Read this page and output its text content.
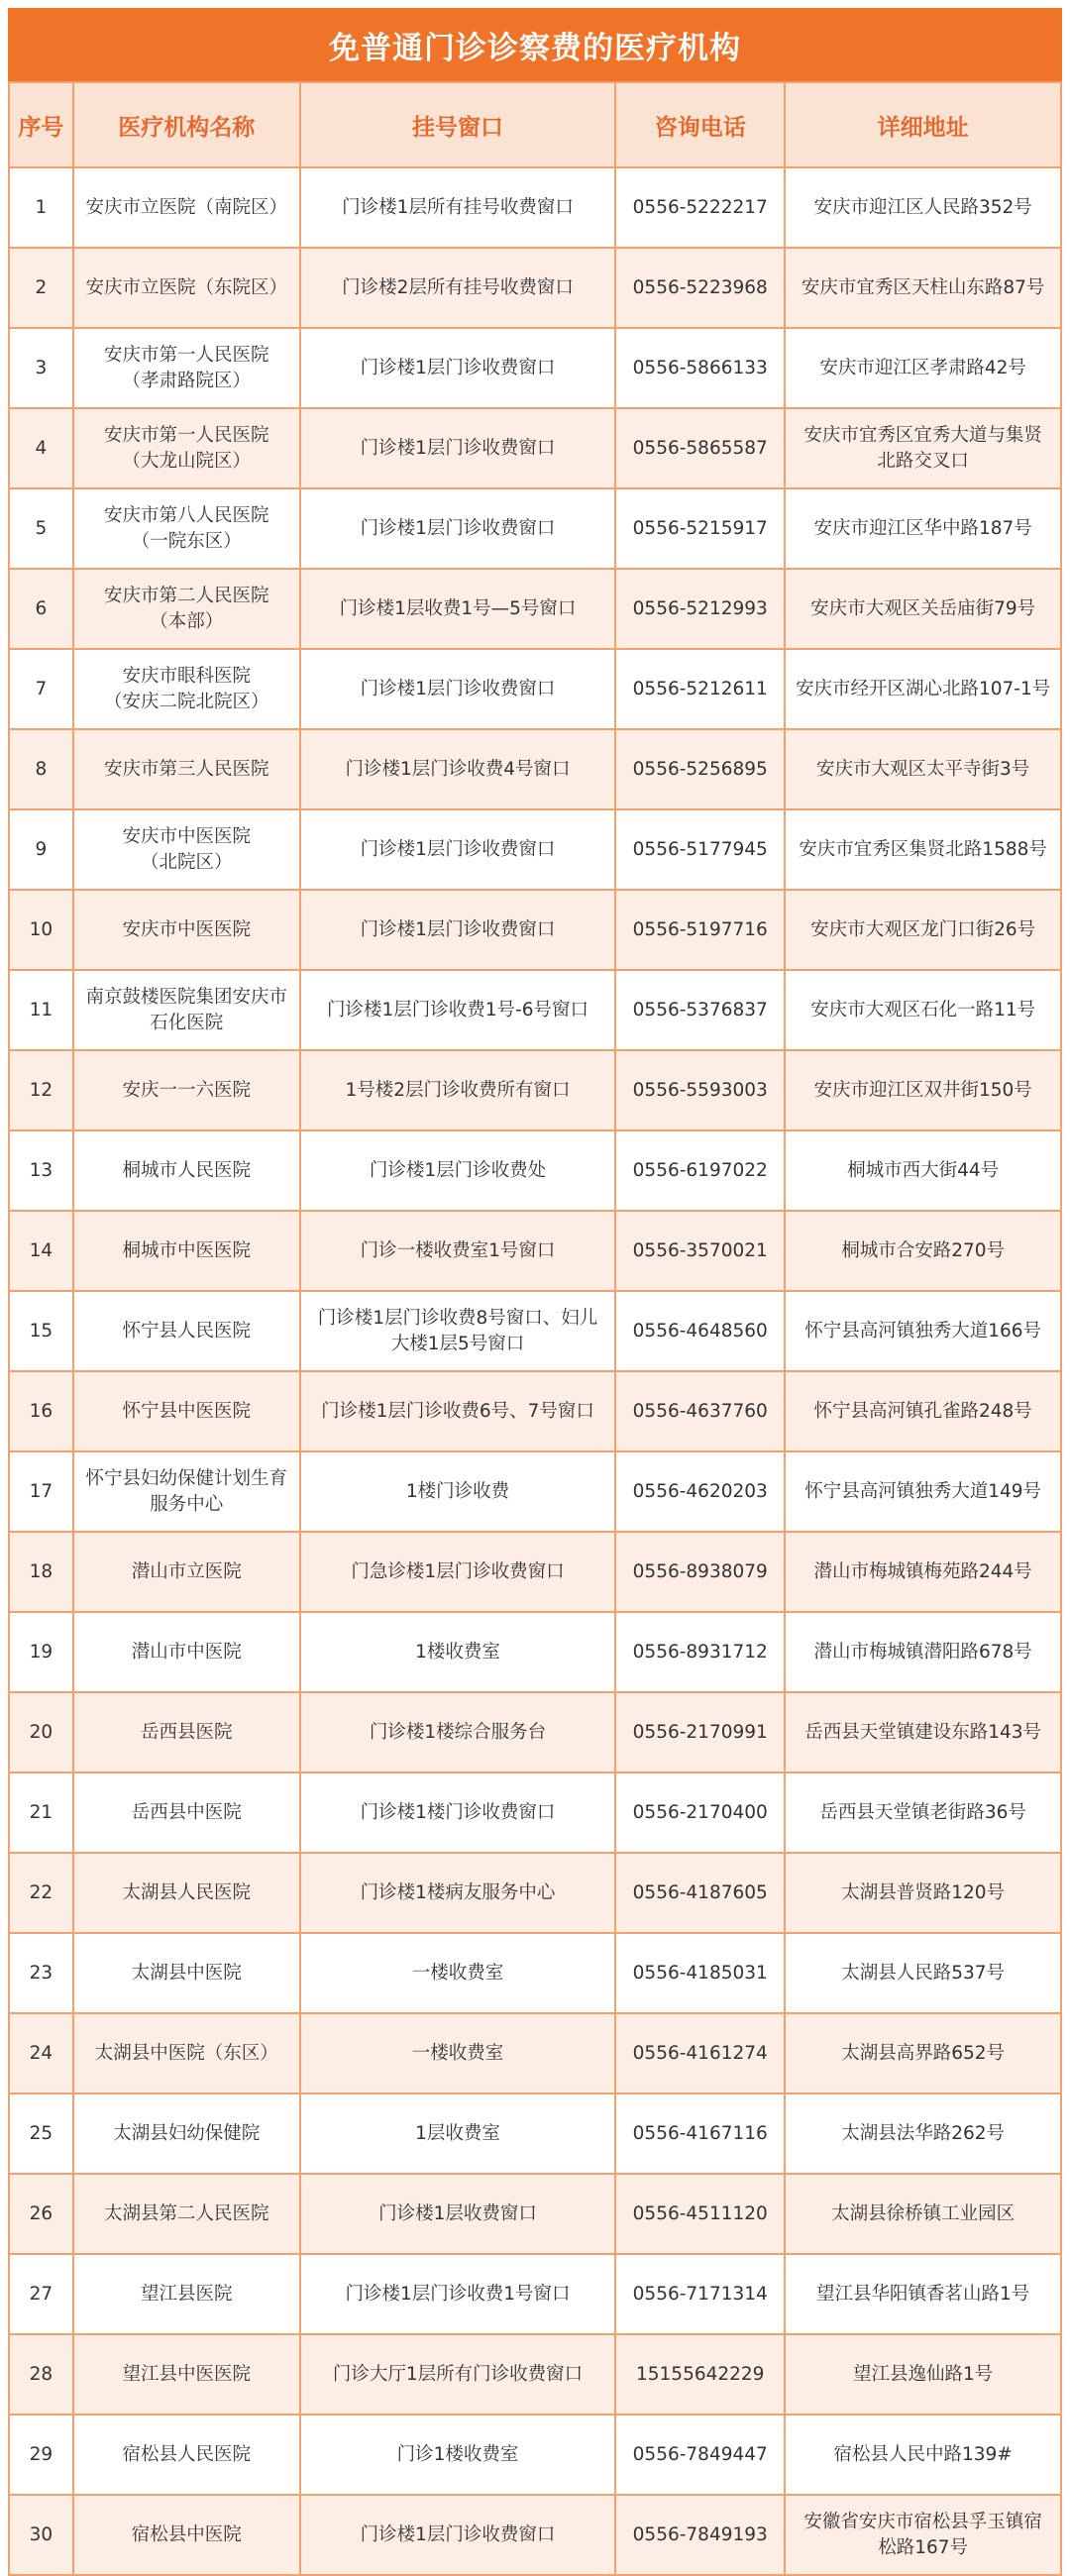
免普通门诊诊察费的医疗机构
序号	医疗机构名称	挂号窗口	咨询电话	详细地址

1	安庆市立医院（南院区）	门诊楼1层所有挂号收费窗口	0556-5222217	安庆市迎江区人民路352号

2	安庆市立医院（东院区）	门诊楼2层所有挂号收费窗口	0556-5223968	安庆市宜秀区天柱山东路87号

3	安庆市第一人民医院
（孝肃路院区）	门诊楼1层门诊收费窗口	0556-5866133	安庆市迎江区孝肃路42号

4	安庆市第一人民医院
（大龙山院区）	门诊楼1层门诊收费窗口	0556-5865587	安庆市宜秀区宜秀大道与集贤
北路交叉口

5	安庆市第八人民医院
（一院东区）	门诊楼1层门诊收费窗口	0556-5215917	安庆市迎江区华中路187号

6	安庆市第二人民医院
（本部）	门诊楼1层收费1号—5号窗口	0556-5212993	安庆市大观区关岳庙街79号

7	安庆市眼科医院
（安庆二院北院区）	门诊楼1层门诊收费窗口	0556-5212611	安庆市经开区湖心北路107-1号

8	安庆市第三人民医院	门诊楼1层门诊收费4号窗口	0556-5256895	安庆市大观区太平寺街3号

9	安庆市中医医院
（北院区）	门诊楼1层门诊收费窗口	0556-5177945	安庆市宜秀区集贤北路1588号

10	安庆市中医医院	门诊楼1层门诊收费窗口	0556-5197716	安庆市大观区龙门口街26号

11	南京鼓楼医院集团安庆市
石化医院	门诊楼1层门诊收费1号-6号窗口	0556-5376837	安庆市大观区石化一路11号

12	安庆一一六医院	1号楼2层门诊收费所有窗口	0556-5593003	安庆市迎江区双井街150号

13	桐城市人民医院	门诊楼1层门诊收费处	0556-6197022	桐城市西大街44号

14	桐城市中医医院	门诊一楼收费室1号窗口	0556-3570021	桐城市合安路270号

15	怀宁县人民医院	门诊楼1层门诊收费8号窗口、妇儿
大楼1层5号窗口	0556-4648560	怀宁县高河镇独秀大道166号

16	怀宁县中医医院	门诊楼1层门诊收费6号、7号窗口	0556-4637760	怀宁县高河镇孔雀路248号

17	怀宁县妇幼保健计划生育
服务中心	1楼门诊收费	0556-4620203	怀宁县高河镇独秀大道149号

18	潜山市立医院	门急诊楼1层门诊收费窗口	0556-8938079	潜山市梅城镇梅苑路244号

19	潜山市中医院	1楼收费室	0556-8931712	潜山市梅城镇潜阳路678号

20	岳西县医院	门诊楼1楼综合服务台	0556-2170991	岳西县天堂镇建设东路143号

21	岳西县中医院	门诊楼1楼门诊收费窗口	0556-2170400	岳西县天堂镇老街路36号

22	太湖县人民医院	门诊楼1楼病友服务中心	0556-4187605	太湖县普贤路120号

23	太湖县中医院	一楼收费室	0556-4185031	太湖县人民路537号

24	太湖县中医院（东区）	一楼收费室	0556-4161274	太湖县高界路652号

25	太湖县妇幼保健院	1层收费室	0556-4167116	太湖县法华路262号

26	太湖县第二人民医院	门诊楼1层收费窗口	0556-4511120	太湖县徐桥镇工业园区

27	望江县医院	门诊楼1层门诊收费1号窗口	0556-7171314	望江县华阳镇香茗山路1号

28	望江县中医医院	门诊大厅1层所有门诊收费窗口	15155642229	望江县逸仙路1号

29	宿松县人民医院	门诊1楼收费室	0556-7849447	宿松县人民中路139#

30	宿松县中医院	门诊楼1层门诊收费窗口	0556-7849193	安徽省安庆市宿松县孚玉镇宿
松路167号
